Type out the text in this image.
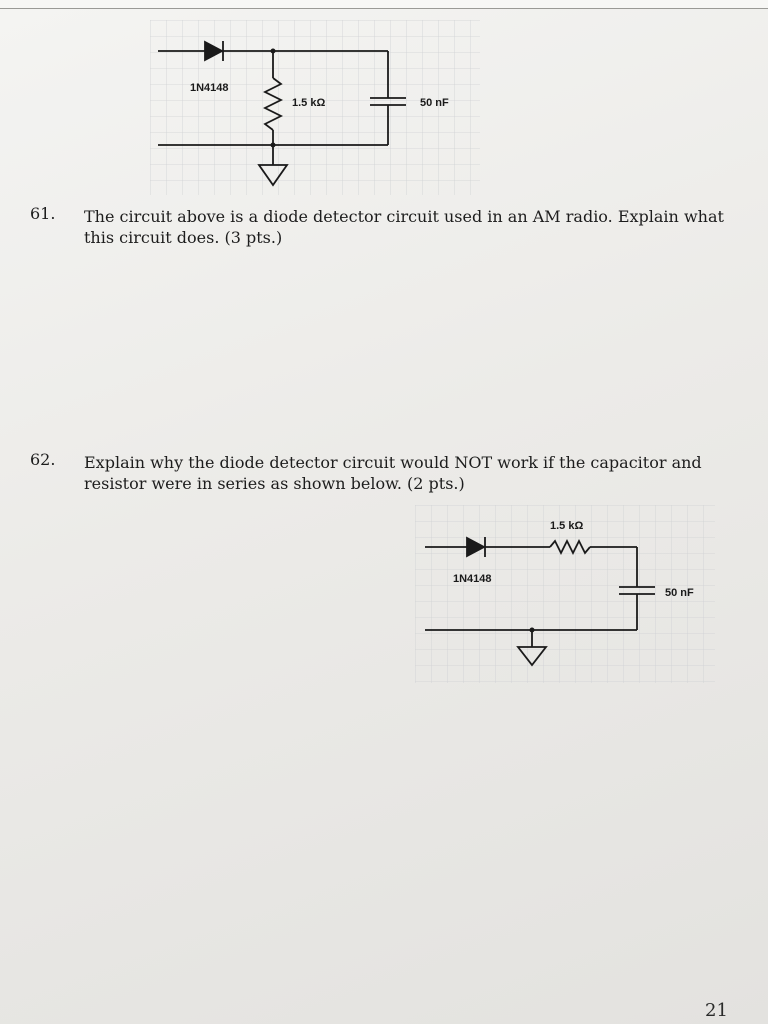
1N4148
1.5 kΩ	50 nF
61. The circuit above is a diode detector circuit used in an AM radio. Explain what this circuit does. (3 pts.)
62. Explain why the diode detector circuit would NOT work if the capacitor and resistor were in series as shown below. (2 pts.)
1.5 kΩ
1N4148
50 nF
21
